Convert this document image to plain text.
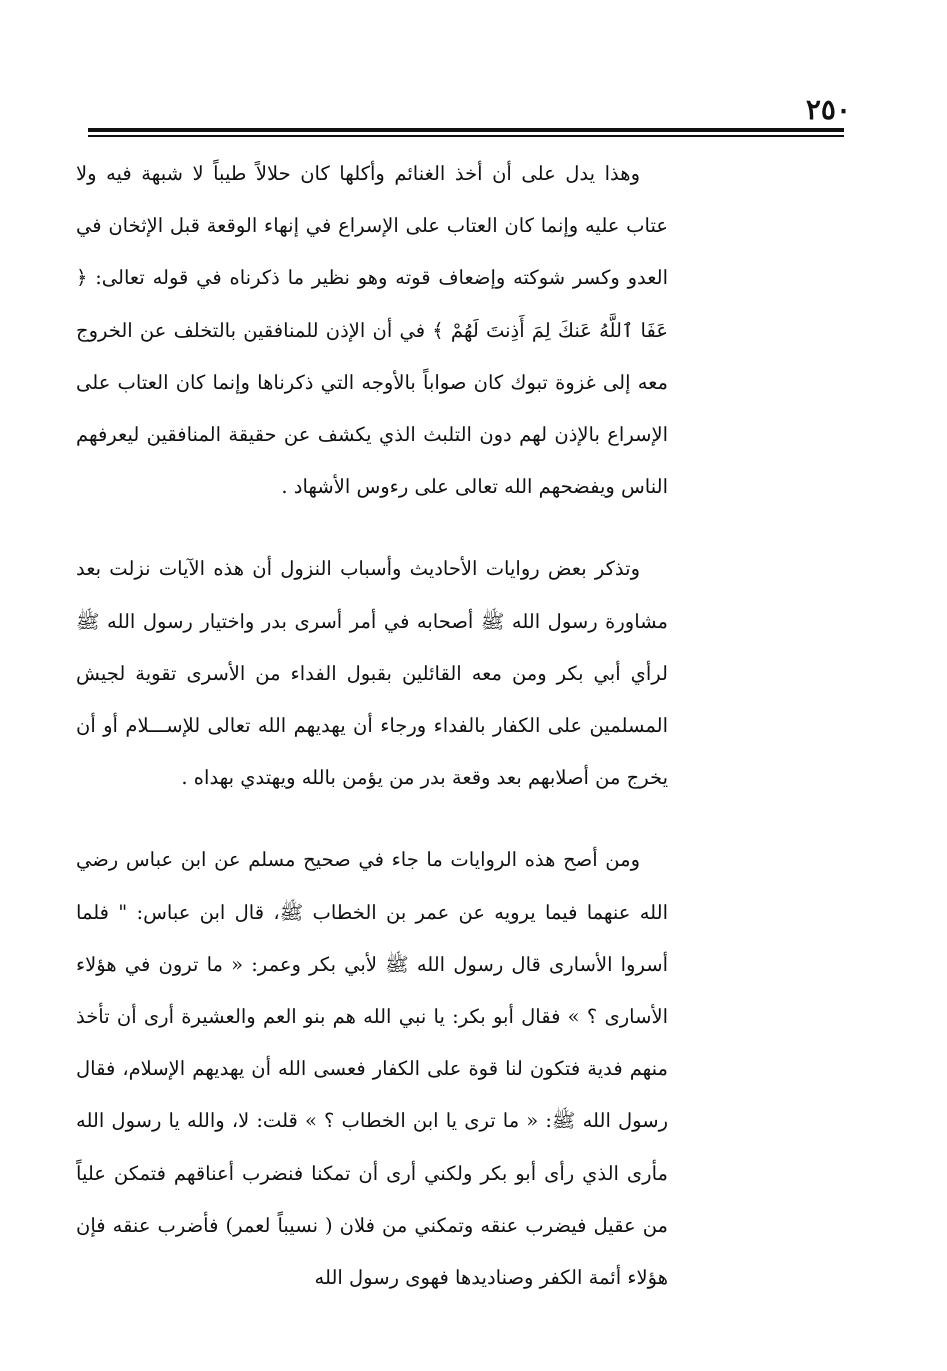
٢٥٠

وهذا يدل على أن أخذ الغنائم وأكلها كان حلالاً طيباً لا شبهة فيه ولا عتاب عليه وإنما كان العتاب على الإسراع في إنهاء الوقعة قبل الإثخان في العدو وكسر شوكته وإضعاف قوته وهو نظير ما ذكرناه في قوله تعالى: ﴿ عَفَا ٱللَّهُ عَنكَ لِمَ أَذِنتَ لَهُمْ ﴾ في أن الإذن للمنافقين بالتخلف عن الخروج معه إلى غزوة تبوك كان صواباً بالأوجه التي ذكرناها وإنما كان العتاب على الإسراع بالإذن لهم دون التلبث الذي يكشف عن حقيقة المنافقين ليعرفهم الناس ويفضحهم الله تعالى على رءوس الأشهاد .

وتذكر بعض روايات الأحاديث وأسباب النزول أن هذه الآيات نزلت بعد مشاورة رسول الله ﷺ أصحابه في أمر أسرى بدر واختيار رسول الله ﷺ لرأي أبي بكر ومن معه القائلين بقبول الفداء من الأسرى تقوية لجيش المسلمين على الكفار بالفداء ورجاء أن يهديهم الله تعالى للإســـلام أو أن يخرج من أصلابهم بعد وقعة بدر من يؤمن بالله ويهتدي بهداه .

ومن أصح هذه الروايات ما جاء في صحيح مسلم عن ابن عباس رضي الله عنهما فيما يرويه عن عمر بن الخطاب ﷺ، قال ابن عباس: " فلما أسروا الأسارى قال رسول الله ﷺ لأبي بكر وعمر: « ما ترون في هؤلاء الأسارى ؟ » فقال أبو بكر: يا نبي الله هم بنو العم والعشيرة أرى أن تأخذ منهم فدية فتكون لنا قوة على الكفار فعسى الله أن يهديهم الإسلام، فقال رسول الله ﷺ: « ما ترى يا ابن الخطاب ؟ » قلت: لا، والله يا رسول الله مأرى الذي رأى أبو بكر ولكني أرى أن تمكنا فنضرب أعناقهم فتمكن علياً من عقيل فيضرب عنقه وتمكني من فلان ( نسيباً لعمر) فأضرب عنقه فإن هؤلاء أئمة الكفر وصناديدها فهوى رسول الله
